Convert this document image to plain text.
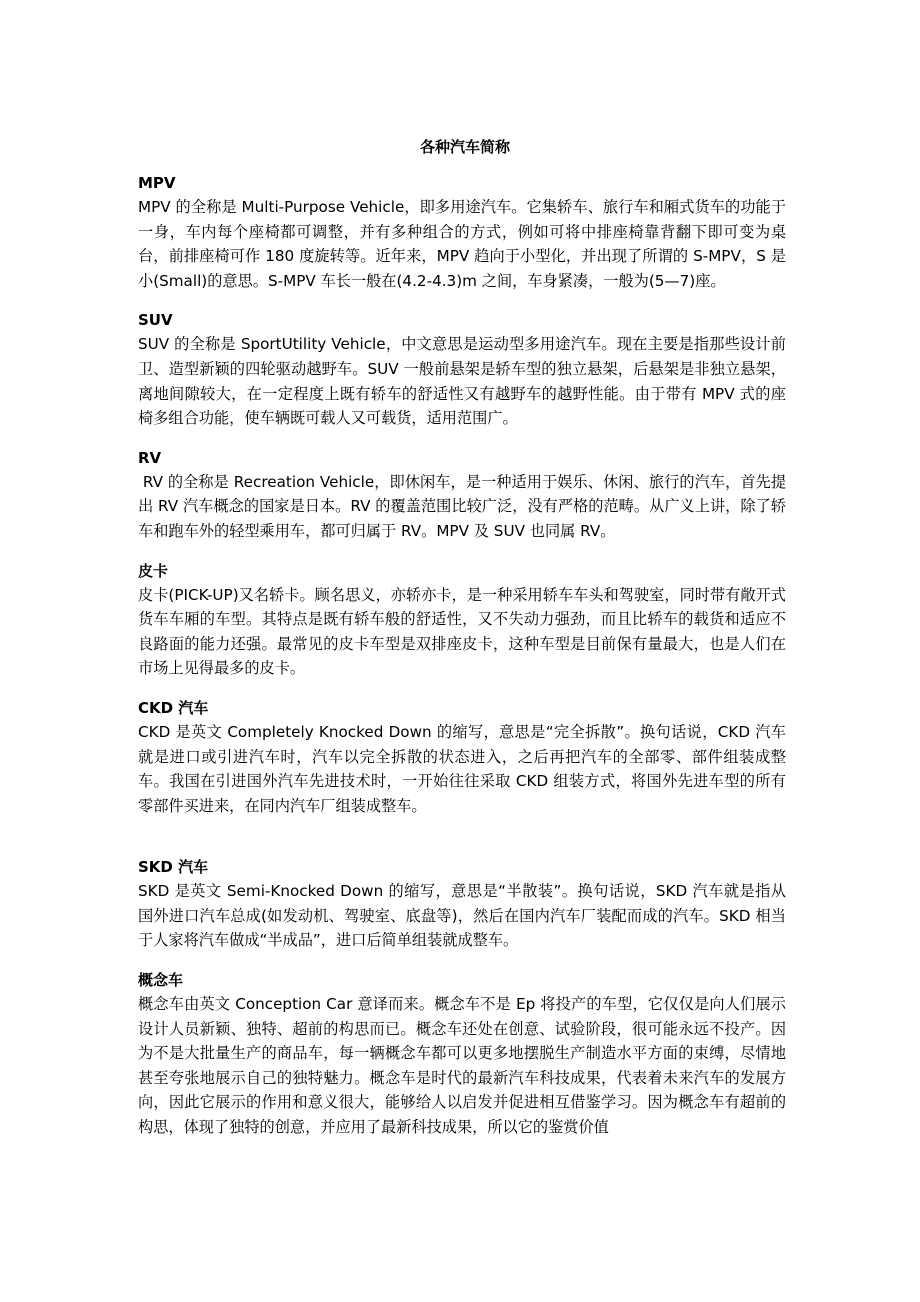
各种汽车简称
MPV
MPV 的全称是 Multi-Purpose Vehicle，即多用途汽车。它集轿车、旅行车和厢式货车的功能于一身，车内每个座椅都可调整，并有多种组合的方式，例如可将中排座椅靠背翻下即可变为桌台，前排座椅可作 180 度旋转等。近年来，MPV 趋向于小型化，并出现了所谓的 S-MPV，S 是小(Small)的意思。S-MPV 车长一般在(4.2-4.3)m 之间，车身紧凑，一般为(5—7)座。
SUV
SUV 的全称是 SportUtility Vehicle，中文意思是运动型多用途汽车。现在主要是指那些设计前卫、造型新颖的四轮驱动越野车。SUV 一般前悬架是轿车型的独立悬架，后悬架是非独立悬架，离地间隙较大，在一定程度上既有轿车的舒适性又有越野车的越野性能。由于带有 MPV 式的座椅多组合功能，使车辆既可载人又可载货，适用范围广。
RV
RV 的全称是 Recreation Vehicle，即休闲车，是一种适用于娱乐、休闲、旅行的汽车，首先提出 RV 汽车概念的国家是日本。RV 的覆盖范围比较广泛，没有严格的范畴。从广义上讲，除了轿车和跑车外的轻型乘用车，都可归属于 RV。MPV 及 SUV 也同属 RV。
皮卡
皮卡(PICK-UP)又名轿卡。顾名思义，亦轿亦卡，是一种采用轿车车头和驾驶室，同时带有敞开式货车车厢的车型。其特点是既有轿车般的舒适性，又不失动力强劲，而且比轿车的载货和适应不良路面的能力还强。最常见的皮卡车型是双排座皮卡，这种车型是目前保有量最大，也是人们在市场上见得最多的皮卡。
CKD 汽车
CKD 是英文 Completely Knocked Down 的缩写，意思是“完全拆散”。换句话说，CKD 汽车就是进口或引进汽车时，汽车以完全拆散的状态进入，之后再把汽车的全部零、部件组装成整车。我国在引进国外汽车先进技术时，一开始往往采取 CKD 组装方式，将国外先进车型的所有零部件买进来，在同内汽车厂组装成整车。
SKD 汽车
SKD 是英文 Semi-Knocked Down 的缩写，意思是“半散装”。换句话说，SKD 汽车就是指从国外进口汽车总成(如发动机、驾驶室、底盘等)，然后在国内汽车厂装配而成的汽车。SKD 相当于人家将汽车做成“半成品”，进口后简单组装就成整车。
概念车
概念车由英文 Conception Car 意译而来。概念车不是 Ep 将投产的车型，它仅仅是向人们展示设计人员新颖、独特、超前的构思而已。概念车还处在创意、试验阶段，很可能永远不投产。因为不是大批量生产的商品车，每一辆概念车都可以更多地摆脱生产制造水平方面的束缚，尽情地甚至夸张地展示自己的独特魅力。概念车是时代的最新汽车科技成果，代表着未来汽车的发展方向，因此它展示的作用和意义很大，能够给人以启发并促进相互借鉴学习。因为概念车有超前的构思，体现了独特的创意，并应用了最新科技成果，所以它的鉴赏价值
